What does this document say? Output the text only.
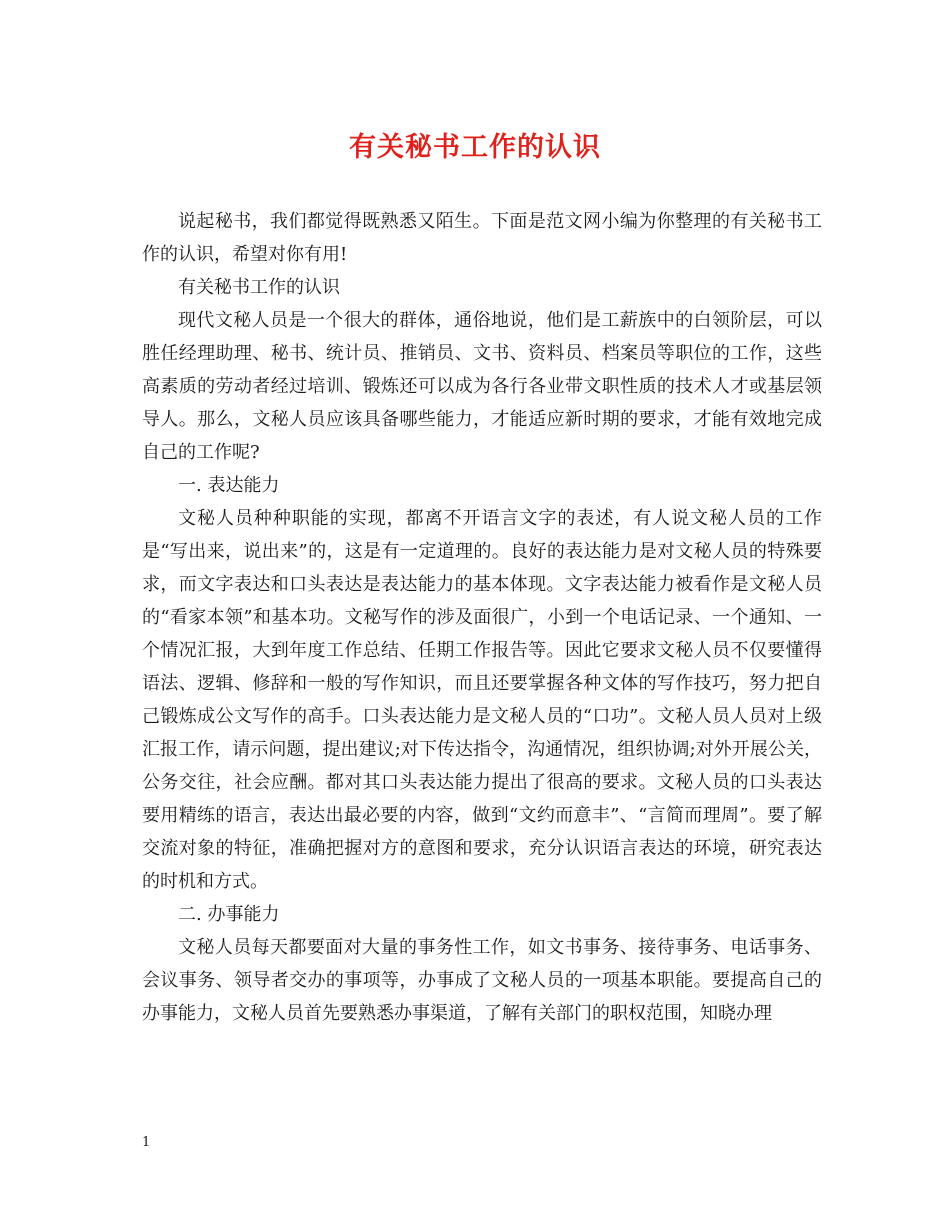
有关秘书工作的认识

说起秘书，我们都觉得既熟悉又陌生。下面是范文网小编为你整理的有关秘书工作的认识，希望对你有用!

有关秘书工作的认识

现代文秘人员是一个很大的群体，通俗地说，他们是工薪族中的白领阶层，可以胜任经理助理、秘书、统计员、推销员、文书、资料员、档案员等职位的工作，这些高素质的劳动者经过培训、锻炼还可以成为各行各业带文职性质的技术人才或基层领导人。那么，文秘人员应该具备哪些能力，才能适应新时期的要求，才能有效地完成自己的工作呢?

一. 表达能力

文秘人员种种职能的实现，都离不开语言文字的表述，有人说文秘人员的工作是“写出来，说出来”的，这是有一定道理的。良好的表达能力是对文秘人员的特殊要求，而文字表达和口头表达是表达能力的基本体现。文字表达能力被看作是文秘人员的“看家本领”和基本功。文秘写作的涉及面很广，小到一个电话记录、一个通知、一个情况汇报，大到年度工作总结、任期工作报告等。因此它要求文秘人员不仅要懂得语法、逻辑、修辞和一般的写作知识，而且还要掌握各种文体的写作技巧，努力把自己锻炼成公文写作的高手。口头表达能力是文秘人员的“口功”。文秘人员人员对上级汇报工作，请示问题，提出建议;对下传达指令，沟通情况，组织协调;对外开展公关，公务交往，社会应酬。都对其口头表达能力提出了很高的要求。文秘人员的口头表达要用精练的语言，表达出最必要的内容，做到“文约而意丰”、“言简而理周”。要了解交流对象的特征，准确把握对方的意图和要求，充分认识语言表达的环境，研究表达的时机和方式。

二. 办事能力

文秘人员每天都要面对大量的事务性工作，如文书事务、接待事务、电话事务、会议事务、领导者交办的事项等，办事成了文秘人员的一项基本职能。要提高自己的办事能力，文秘人员首先要熟悉办事渠道，了解有关部门的职权范围，知晓办理

1
